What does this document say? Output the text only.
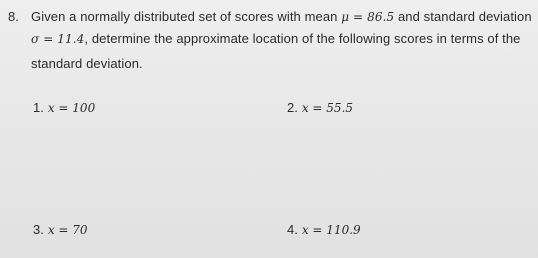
8. Given a normally distributed set of scores with mean μ = 86.5 and standard deviation
σ = 11.4, determine the approximate location of the following scores in terms of the
standard deviation.
1. x = 100	2. x = 55.5
3. x = 70	4. x = 110.9
